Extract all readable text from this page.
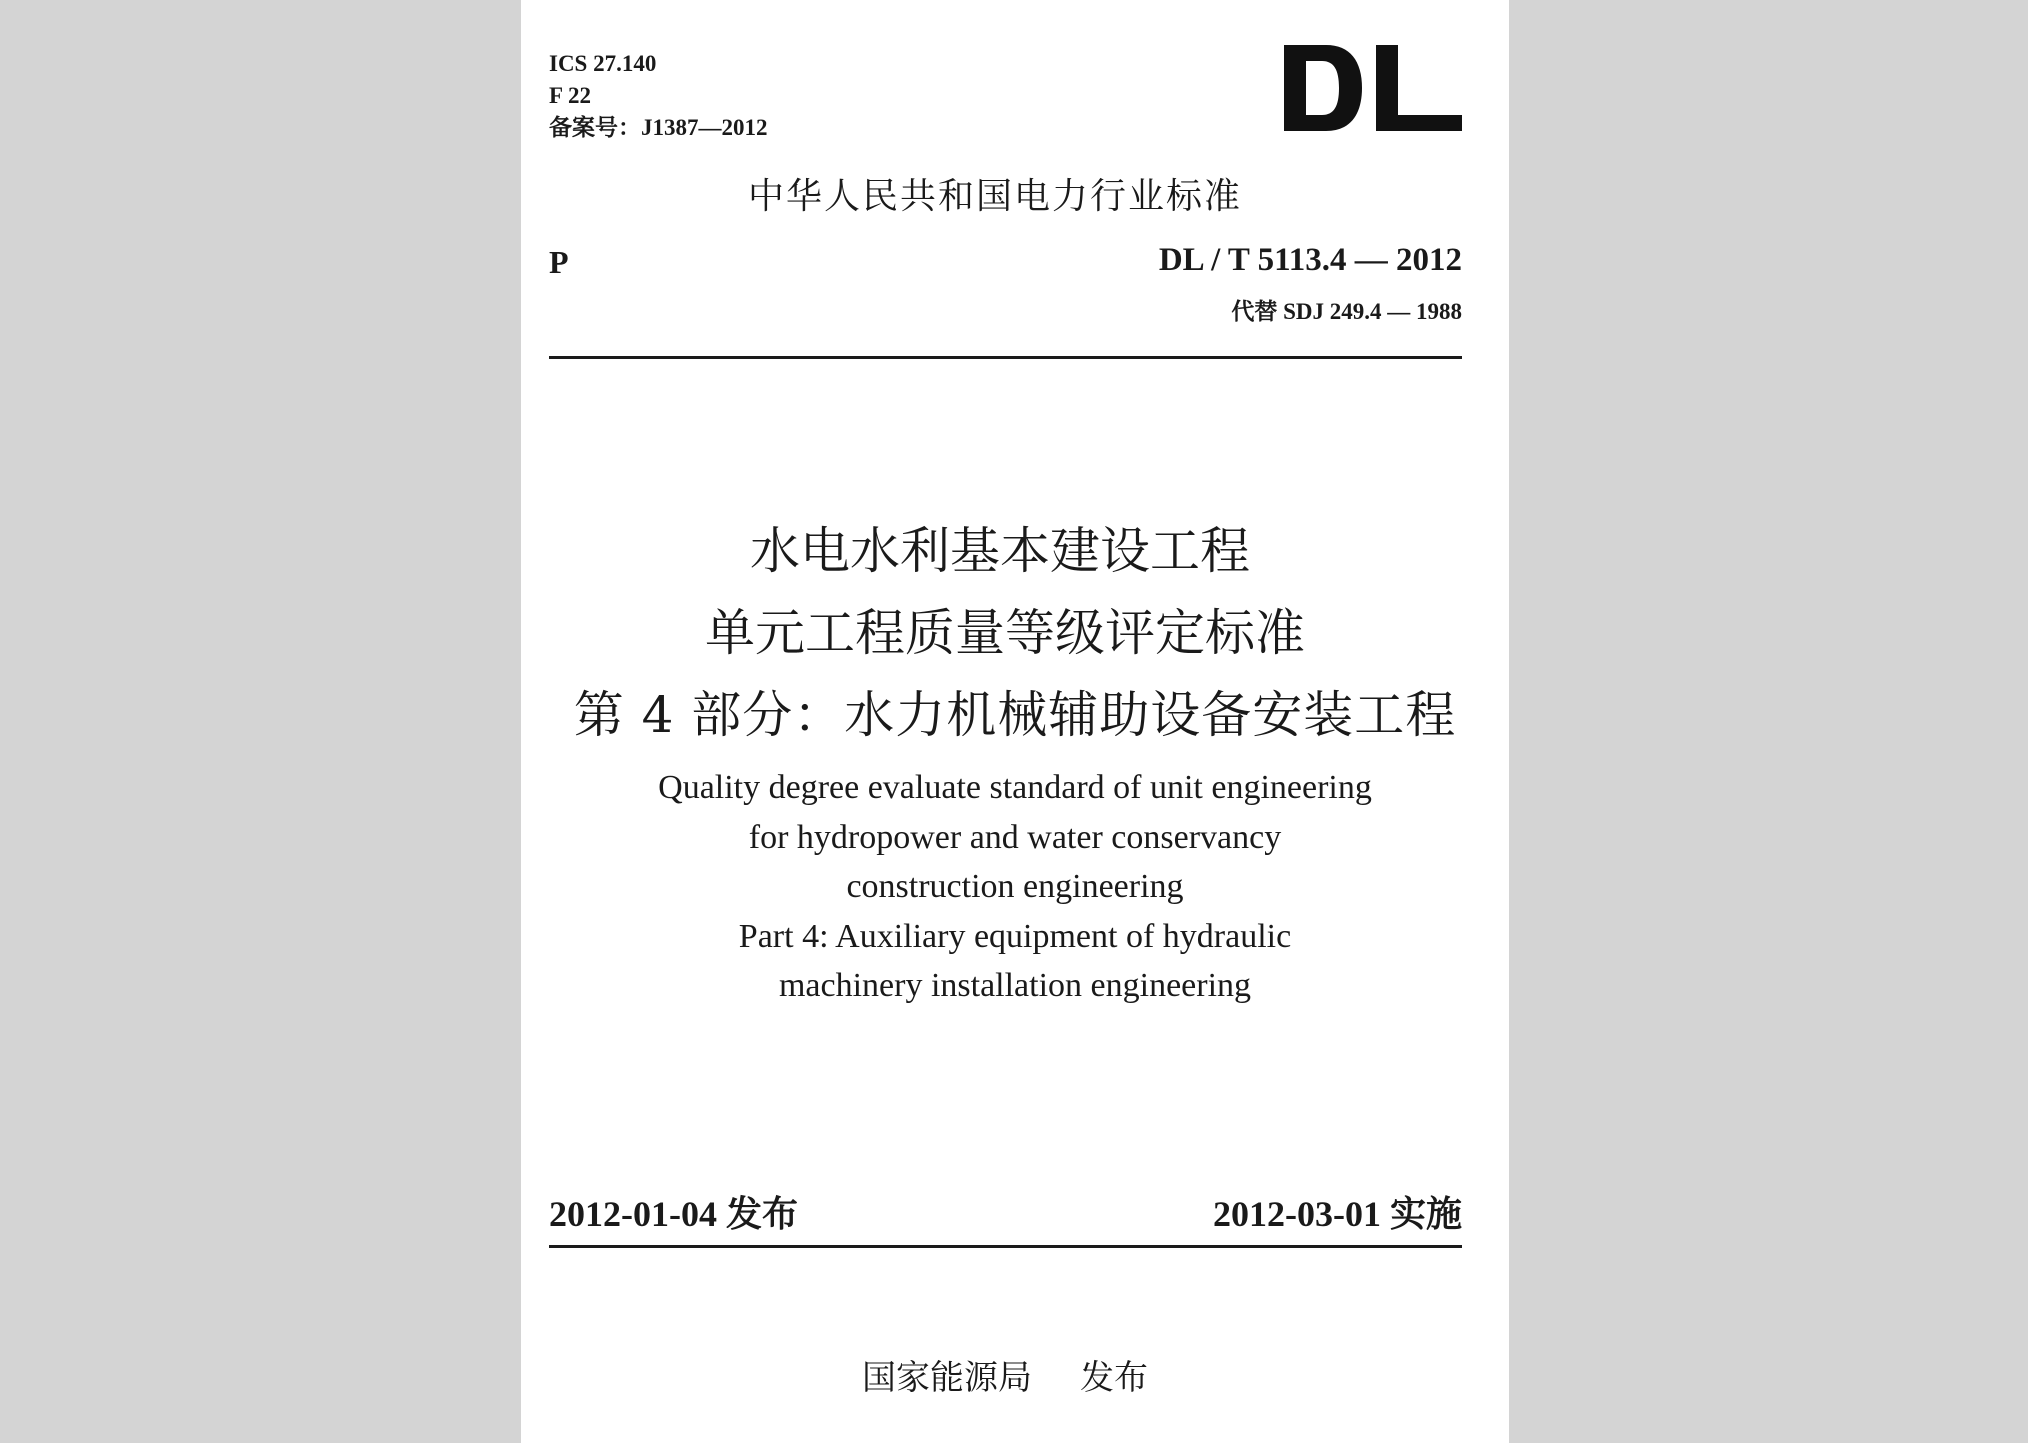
ICS 27.140
F 22
备案号：J1387—2012
中华人民共和国电力行业标准
P	DL / T 5113.4 — 2012
代替 SDJ 249.4 — 1988
水电水利基本建设工程
单元工程质量等级评定标准
第 4 部分：水力机械辅助设备安装工程
Quality degree evaluate standard of unit engineering
for hydropower and water conservancy
construction engineering
Part 4: Auxiliary equipment of hydraulic
machinery installation engineering
2012-01-04 发布	2012-03-01 实施
国家能源局 发布
